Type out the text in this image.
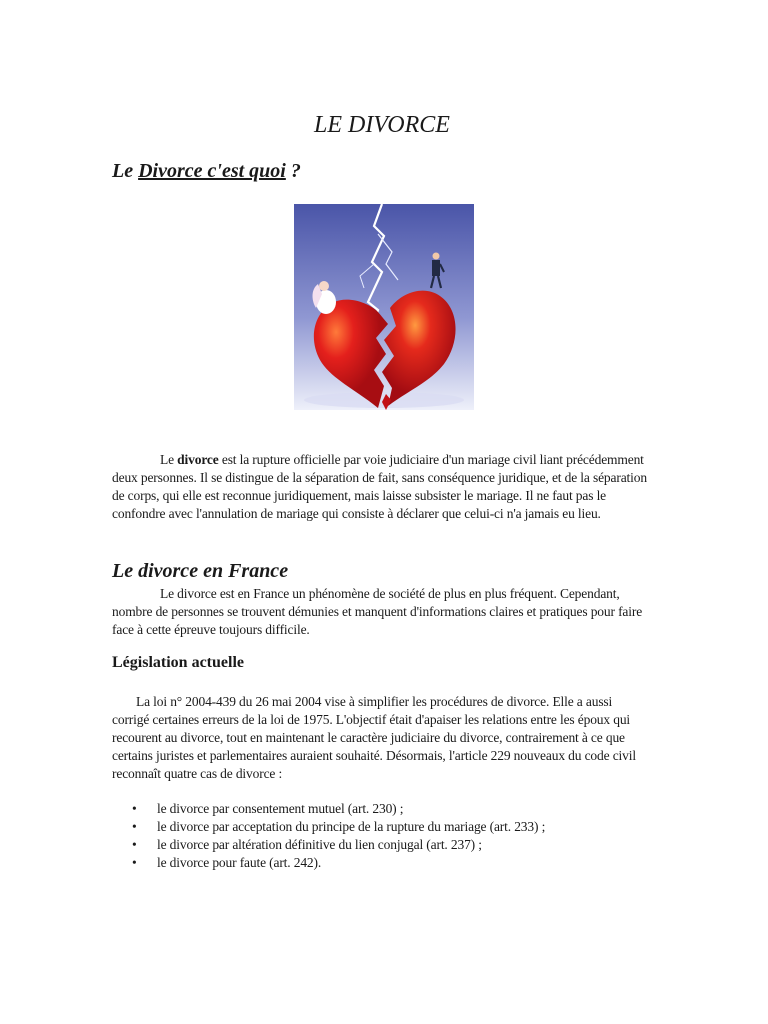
LE DIVORCE
Le Divorce c'est quoi ?

Le divorce est la rupture officielle par voie judiciaire d'un mariage civil liant précédemment deux personnes. Il se distingue de la séparation de fait, sans conséquence juridique, et de la séparation de corps, qui elle est reconnue juridiquement, mais laisse subsister le mariage. Il ne faut pas le confondre avec l'annulation de mariage qui consiste à déclarer que celui-ci n'a jamais eu lieu.

Le divorce en France

Le divorce est en France un phénomène de société de plus en plus fréquent. Cependant, nombre de personnes se trouvent démunies et manquent d'informations claires et pratiques pour faire face à cette épreuve toujours difficile.

Législation actuelle

La loi n° 2004-439 du 26 mai 2004 vise à simplifier les procédures de divorce. Elle a aussi corrigé certaines erreurs de la loi de 1975. L'objectif était d'apaiser les relations entre les époux qui recourent au divorce, tout en maintenant le caractère judiciaire du divorce, contrairement à ce que certains juristes et parlementaires auraient souhaité. Désormais, l'article 229 nouveaux du code civil reconnaît quatre cas de divorce :

• le divorce par consentement mutuel (art. 230) ;
• le divorce par acceptation du principe de la rupture du mariage (art. 233) ;
• le divorce par altération définitive du lien conjugal (art. 237) ;
• le divorce pour faute (art. 242).
